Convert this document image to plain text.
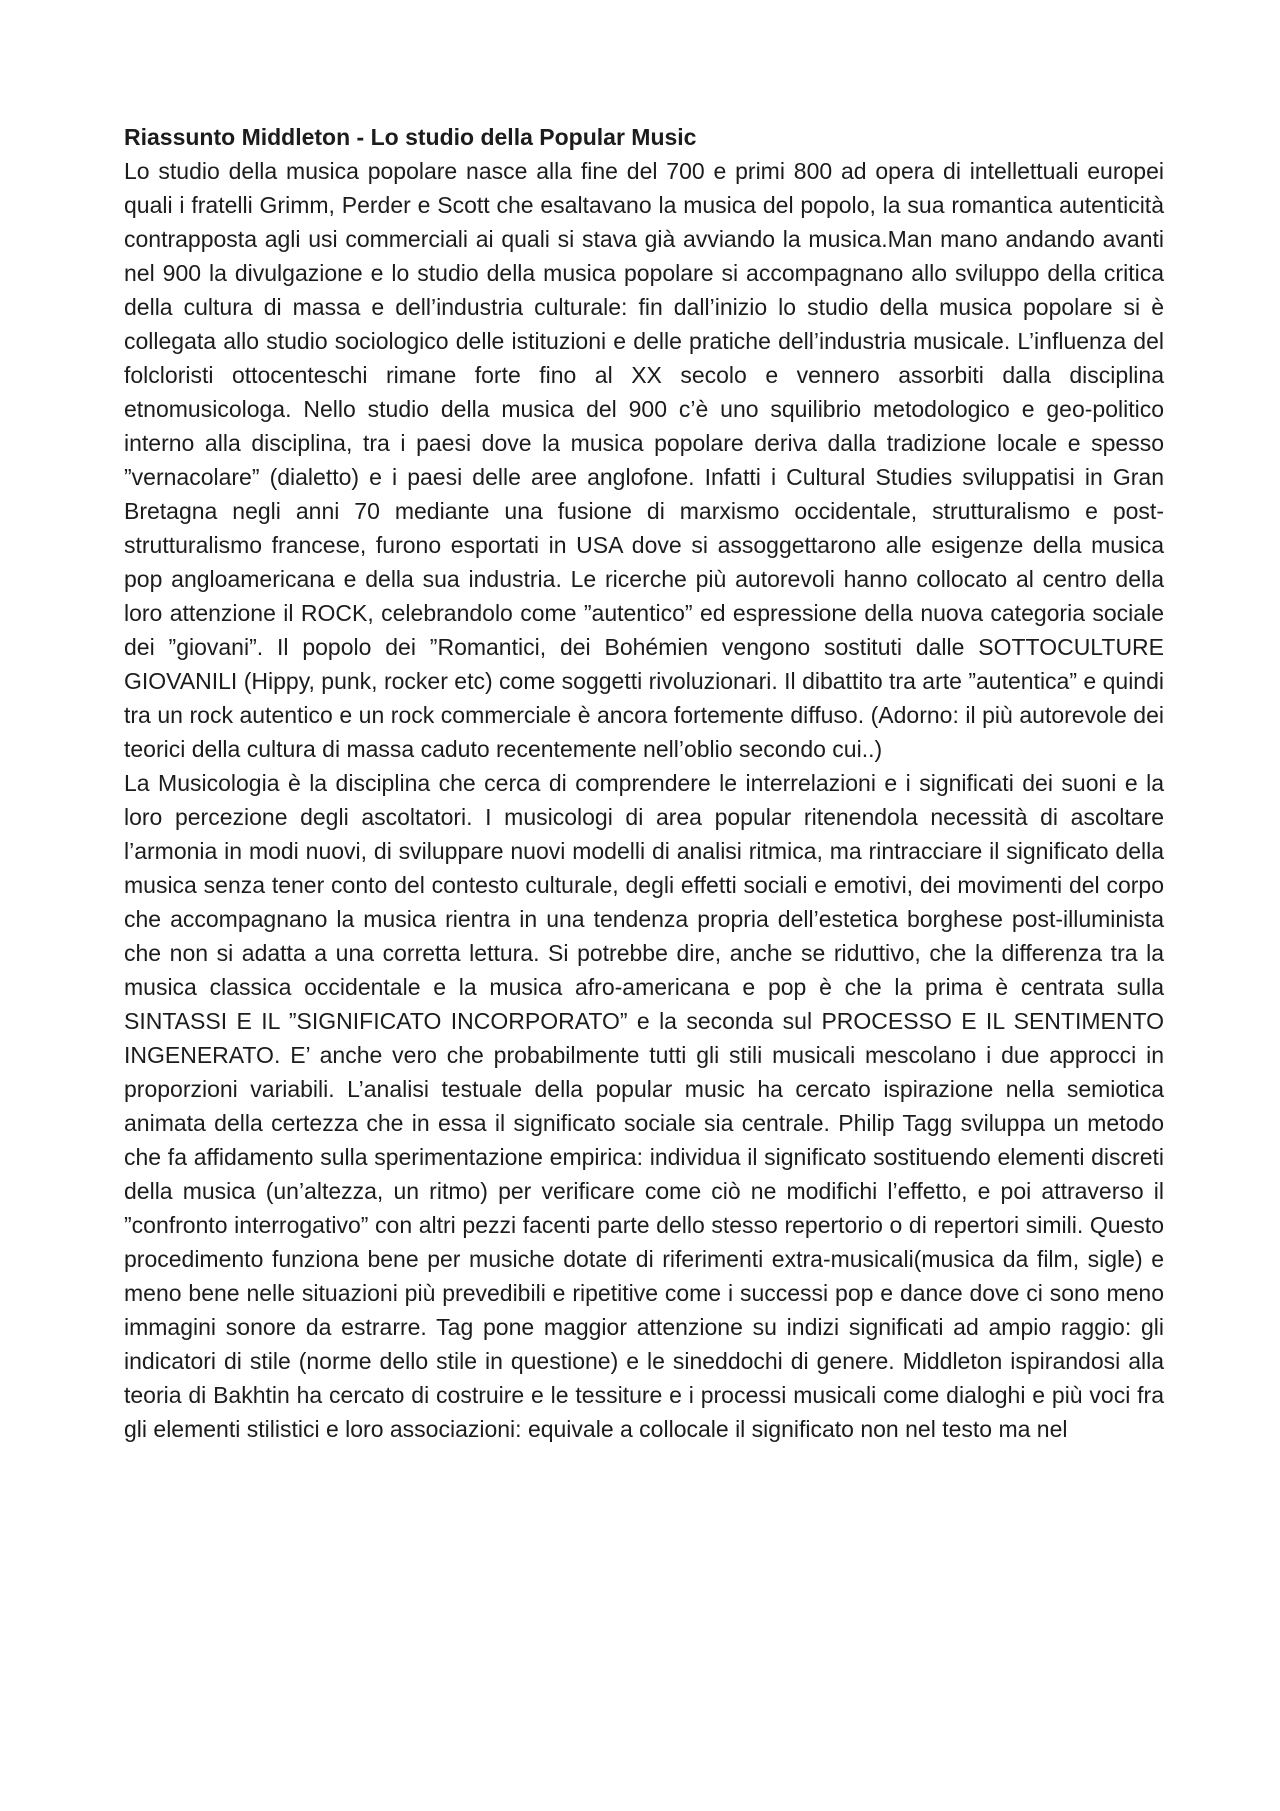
Riassunto Middleton - Lo studio della Popular Music

Lo studio della musica popolare nasce alla fine del 700 e primi 800 ad opera di intellettuali europei quali i fratelli Grimm, Perder e Scott che esaltavano la musica del popolo, la sua romantica autenticità contrapposta agli usi commerciali ai quali si stava già avviando la musica.Man mano andando avanti nel 900 la divulgazione e lo studio della musica popolare si accompagnano allo sviluppo della critica della cultura di massa e dell’industria culturale: fin dall’inizio lo studio della musica popolare si è collegata allo studio sociologico delle istituzioni e delle pratiche dell’industria musicale. L’influenza del folcloristi ottocenteschi rimane forte fino al XX secolo e vennero assorbiti dalla disciplina etnomusicologa. Nello studio della musica del 900 c’è uno squilibrio metodologico e geo-politico interno alla disciplina, tra i paesi dove la musica popolare deriva dalla tradizione locale e spesso ”vernacolare” (dialetto) e i paesi delle aree anglofone. Infatti i Cultural Studies sviluppatisi in Gran Bretagna negli anni 70 mediante una fusione di marxismo occidentale, strutturalismo e post-strutturalismo francese, furono esportati in USA dove si assoggettarono alle esigenze della musica pop angloamericana e della sua industria. Le ricerche più autorevoli hanno collocato al centro della loro attenzione il ROCK, celebrandolo come ”autentico” ed espressione della nuova categoria sociale dei ”giovani”. Il popolo dei ”Romantici, dei Bohémien vengono sostituti dalle SOTTOCULTURE GIOVANILI (Hippy, punk, rocker etc) come soggetti rivoluzionari. Il dibattito tra arte ”autentica” e quindi tra un rock autentico e un rock commerciale è ancora fortemente diffuso. (Adorno: il più autorevole dei teorici della cultura di massa caduto recentemente nell’oblio secondo cui..)

La Musicologia è la disciplina che cerca di comprendere le interrelazioni e i significati dei suoni e la loro percezione degli ascoltatori. I musicologi di area popular ritenendola necessità di ascoltare l’armonia in modi nuovi, di sviluppare nuovi modelli di analisi ritmica, ma rintracciare il significato della musica senza tener conto del contesto culturale, degli effetti sociali e emotivi, dei movimenti del corpo che accompagnano la musica rientra in una tendenza propria dell’estetica borghese post-illuminista che non si adatta a una corretta lettura. Si potrebbe dire, anche se riduttivo, che la differenza tra la musica classica occidentale e la musica afro-americana e pop è che la prima è centrata sulla SINTASSI E IL ”SIGNIFICATO INCORPORATO” e la seconda sul PROCESSO E IL SENTIMENTO INGENERATO. E’ anche vero che probabilmente tutti gli stili musicali mescolano i due approcci in proporzioni variabili. L’analisi testuale della popular music ha cercato ispirazione nella semiotica animata della certezza che in essa il significato sociale sia centrale. Philip Tagg sviluppa un metodo che fa affidamento sulla sperimentazione empirica: individua il significato sostituendo elementi discreti della musica (un’altezza, un ritmo) per verificare come ciò ne modifichi l’effetto, e poi attraverso il ”confronto interrogativo” con altri pezzi facenti parte dello stesso repertorio o di repertori simili. Questo procedimento funziona bene per musiche dotate di riferimenti extra-musicali(musica da film, sigle) e meno bene nelle situazioni più prevedibili e ripetitive come i successi pop e dance dove ci sono meno immagini sonore da estrarre. Tag pone maggior attenzione su indizi significati ad ampio raggio: gli indicatori di stile (norme dello stile in questione) e le sineddochi di genere. Middleton ispirandosi alla teoria di Bakhtin ha cercato di costruire e le tessiture e i processi musicali come dialoghi e più voci fra gli elementi stilistici e loro associazioni: equivale a collocale il significato non nel testo ma nel
